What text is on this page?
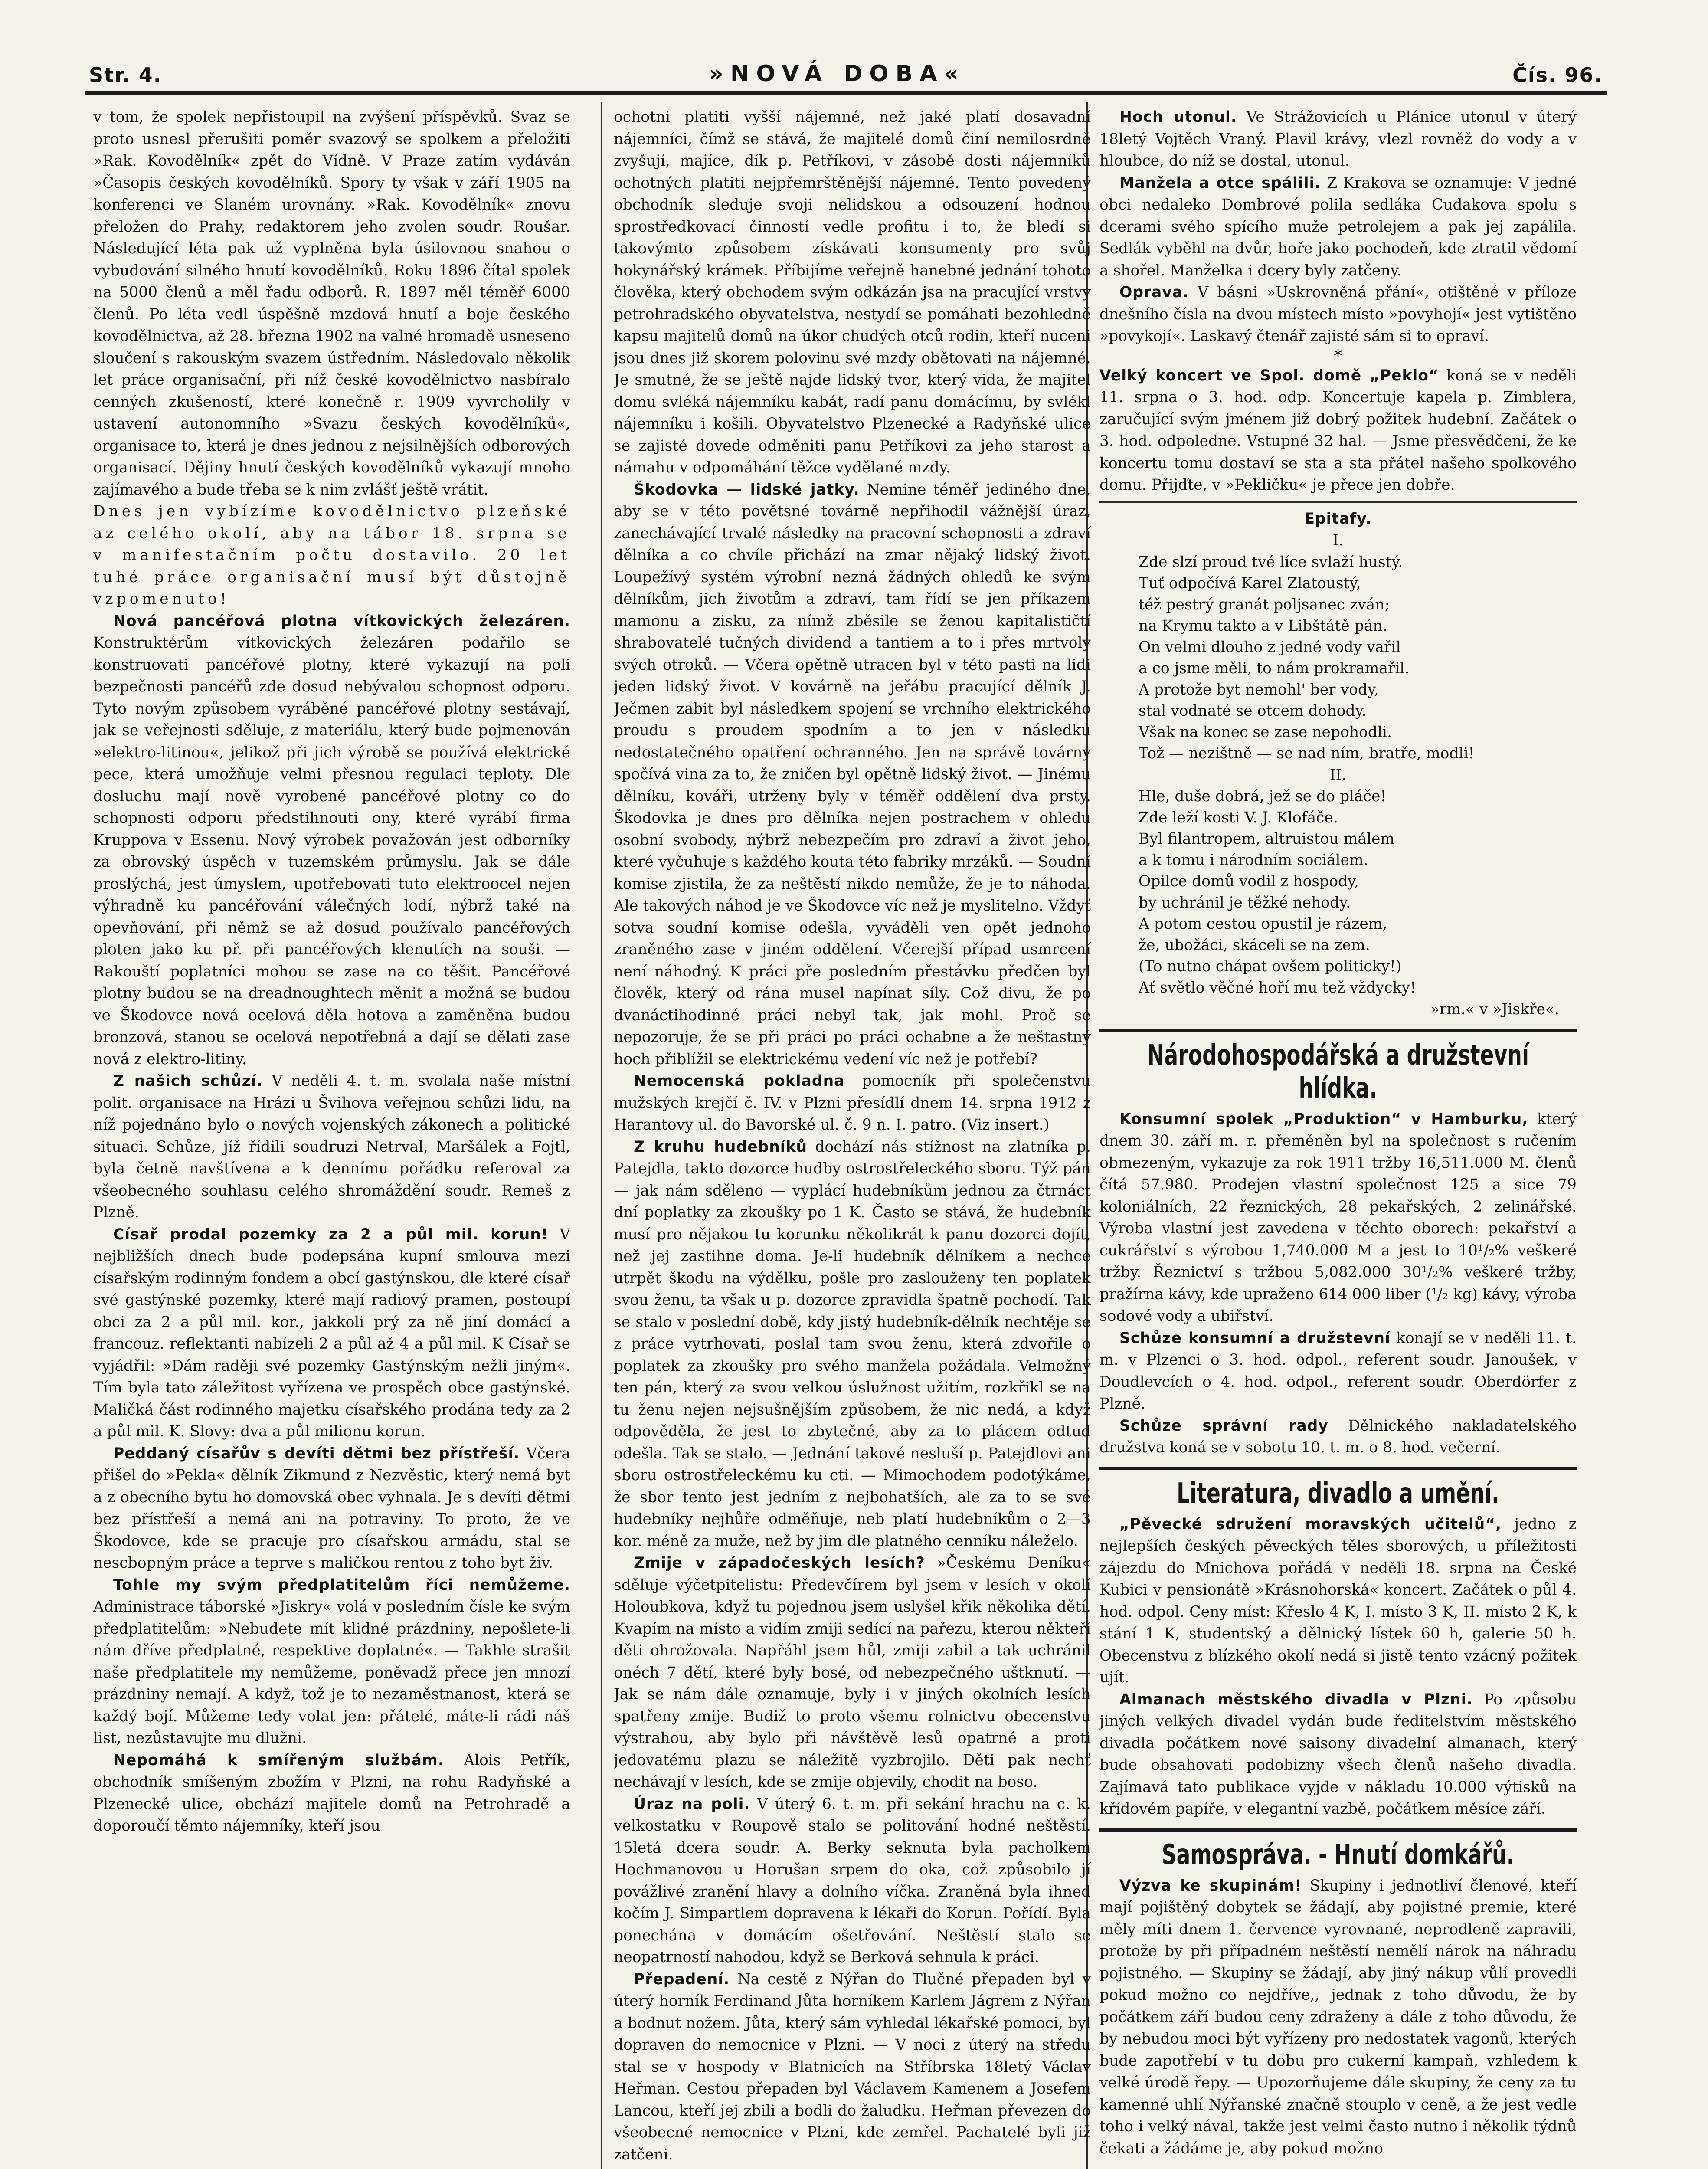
Str. 4.	»NOVÁ DOBA«	Čís. 96.

v tom, že spolek nepřistoupil na zvýšení příspěvků. Svaz se proto usnesl přerušiti poměr svazový se spolkem a přeložiti »Rak. Kovodělník« zpět do Vídně. V Praze zatím vydáván »Časopis českých kovodělníků. Spory ty však v září 1905 na konferenci ve Slaném urovnány. »Rak. Kovodělník« znovu přeložen do Prahy, redaktorem jeho zvolen soudr. Roušar. Následující léta pak už vyplněna byla úsilovnou snahou o vybudování silného hnutí kovodělníků. Roku 1896 čítal spolek na 5000 členů a měl řadu odborů. R. 1897 měl téměř 6000 členů. Po léta vedl úspěšně mzdová hnutí a boje českého kovodělnictva, až 28. března 1902 na valné hromadě usneseno sloučení s rakouským svazem ústředním. Následovalo několik let práce organisační, při níž české kovodělnictvo nasbíralo cenných zkušeností, které konečně r. 1909 vyvrcholily v ustavení autonomního »Svazu českých kovodělníků«, organisace to, která je dnes jednou z nejsilnějších odborových organisací. Dějiny hnutí českých kovodělníků vykazují mnoho zajímavého a bude třeba se k nim zvlášť ještě vrátit.

Dnes jen vybízíme kovodělnictvo plzeňské az celého okolí, aby na tábor 18. srpna se v manifestačním počtu dostavilo. 20 let tuhé práce organisační musí být důstojně vzpomenuto!

Nová pancéřová plotna vítkovických železáren. Konstruktérům vítkovických železáren podařilo se konstruovati pancéřové plotny, které vykazují na poli bezpečnosti pancéřů zde dosud nebývalou schopnost odporu. Tyto novým způsobem vyráběné pancéřové plotny sestávají, jak se veřejnosti sděluje, z materiálu, který bude pojmenován »elektro-litinou«, jelikož při jich výrobě se používá elektrické pece, která umožňuje velmi přesnou regulaci teploty. Dle dosluchu mají nově vyrobené pancéřové plotny co do schopnosti odporu předstihnouti ony, které vyrábí firma Kruppova v Essenu. Nový výrobek považován jest odborníky za obrovský úspěch v tuzemském průmyslu. Jak se dále proslýchá, jest úmyslem, upotřebovati tuto elektroocel nejen výhradně ku pancéřování válečných lodí, nýbrž také na opevňování, při němž se až dosud používalo pancéřových ploten jako ku př. při pancéřových klenutích na souši. — Rakouští poplatníci mohou se zase na co těšit. Pancéřové plotny budou se na dreadnoughtech měnit a možná se budou ve Škodovce nová ocelová děla hotova a zaměněna budou bronzová, stanou se ocelová nepotřebná a dají se dělati zase nová z elektro-litiny.

Z našich schůzí. V neděli 4. t. m. svolala naše místní polit. organisace na Hrázi u Švihova veřejnou schůzi lidu, na níž pojednáno bylo o nových vojenských zákonech a politické situaci. Schůze, jíž řídili soudruzi Netrval, Maršálek a Fojtl, byla četně navštívena a k dennímu pořádku referoval za všeobecného souhlasu celého shromáždění soudr. Remeš z Plzně.

Císař prodal pozemky za 2 a půl mil. korun! V nejbližších dnech bude podepsána kupní smlouva mezi císařským rodinným fondem a obcí gastýnskou, dle které císař své gastýnské pozemky, které mají radiový pramen, postoupí obci za 2 a půl mil. kor., jakkoli prý za ně jiní domácí a francouz. reflektanti nabízeli 2 a půl až 4 a půl mil. K Císař se vyjádřil: »Dám raději své pozemky Gastýnským nežli jiným«. Tím byla tato záležitost vyřízena ve prospěch obce gastýnské. Maličká část rodinného majetku císařského prodána tedy za 2 a půl mil. K. Slovy: dva a půl milionu korun.

Peddaný císařův s devíti dětmi bez přístřeší. Včera přišel do »Pekla« dělník Zikmund z Nezvěstic, který nemá byt a z obecního bytu ho domovská obec vyhnala. Je s devíti dětmi bez přístřeší a nemá ani na potraviny. To proto, že ve Škodovce, kde se pracuje pro císařskou armádu, stal se nescbopným práce a teprve s maličkou rentou z toho byt živ.

Tohle my svým předplatitelům říci nemůžeme. Administrace táborské »Jiskry« volá v posledním čísle ke svým předplatitelům: »Nebudete mít klidné prázdniny, nepošlete-li nám dříve předplatné, respektive doplatné«. — Takhle strašit naše předplatitele my nemůžeme, poněvadž přece jen mnozí prázdniny nemají. A když, tož je to nezaměstnanost, která se každý bojí. Můžeme tedy volat jen: přátelé, máte-li rádi náš list, nezůstavujte mu dlužni.

Nepomáhá k smířeným službám. Alois Petřík, obchodník smíšeným zbožím v Plzni, na rohu Radyňské a Plzenecké ulice, obchází majitele domů na Petrohradě a doporoučí těmto nájemníky, kteří jsou

ochotni platiti vyšší nájemné, než jaké platí dosavadní nájemníci, čímž se stává, že majitelé domů činí nemilosrdně zvyšují, majíce, dík p. Petříkovi, v zásobě dosti nájemníků ochotných platiti nejpřemrštěnější nájemné. Tento povedený obchodník sleduje svoji nelidskou a odsouzení hodnou sprostředkovací činností vedle profitu i to, že bledí si takovýmto způsobem získávati konsumenty pro svůj hokynářský krámek. Příbijíme veřejně hanebné jednání tohoto člověka, který obchodem svým odkázán jsa na pracující vrstvy petrohradského obyvatelstva, nestydí se pomáhati bezohledně kapsu majitelů domů na úkor chudých otců rodin, kteří nuceni jsou dnes již skorem polovinu své mzdy obětovati na nájemné. Je smutné, že se ještě najde lidský tvor, který vida, že majitel domu svléká nájemníku kabát, radí panu domácímu, by svlékl nájemníku i košili. Obyvatelstvo Plzenecké a Radyňské ulice se zajisté dovede odměniti panu Petříkovi za jeho starost a námahu v odpomáhání těžce vydělané mzdy.

Škodovka — lidské jatky. Nemine téměř jediného dne, aby se v této povětsné továrně nepřihodil vážnější úraz, zanechávající trvalé následky na pracovní schopnosti a zdraví dělníka a co chvíle přichází na zmar nějaký lidský život. Loupežívý systém výrobní nezná žádných ohledů ke svým dělníkům, jich životům a zdraví, tam řídí se jen příkazem mamonu a zisku, za nímž zběsile se ženou kapitalističtí shrabovatelé tučných dividend a tantiem a to i přes mrtvoly svých otroků. — Včera opětně utracen byl v této pasti na lidi jeden lidský život. V kovárně na jeřábu pracující dělník J. Ječmen zabit byl následkem spojení se vrchního elektrického proudu s proudem spodním a to jen v následku nedostatečného opatření ochranného. Jen na správě továrny spočívá vina za to, že zničen byl opětně lidský život. — Jinému dělníku, kováři, utrženy byly v téměř oddělení dva prsty. Škodovka je dnes pro dělníka nejen postrachem v ohledu osobní svobody, nýbrž nebezpečím pro zdraví a život jeho, které vyčuhuje s každého kouta této fabriky mrzáků. — Soudní komise zjistila, že za neštěstí nikdo nemůže, že je to náhoda. Ale takových náhod je ve Škodovce víc než je myslitelno. Vždyť sotva soudní komise odešla, vyváděli ven opět jednoho zraněného zase v jiném oddělení. Včerejší případ usmrcení není náhodný. K práci pře posledním přestávku předčen byl člověk, který od rána musel napínat síly. Což divu, že po dvanáctihodinné práci nebyl tak, jak mohl. Proč se nepozoruje, že se při práci po práci ochabne a že neštastný hoch přiblížil se elektrickému vedení víc než je potřebí?

Nemocenská pokladna pomocník při společenstvu mužských krejčí č. IV. v Plzni přesídlí dnem 14. srpna 1912 z Harantovy ul. do Bavorské ul. č. 9 n. I. patro. (Viz insert.)

Z kruhu hudebníků dochází nás stížnost na zlatníka p. Patejdla, takto dozorce hudby ostrostřeleckého sboru. Týž pán — jak nám sděleno — vyplácí hudebníkům jednou za čtrnáct dní poplatky za zkoušky po 1 K. Často se stává, že hudebník musí pro nějakou tu korunku několikrát k panu dozorci dojít, než jej zastihne doma. Je-li hudebník dělníkem a nechce utrpět škodu na výdělku, pošle pro zaslouženy ten poplatek svou ženu, ta však u p. dozorce zpravidla špatně pochodí. Tak se stalo v poslední době, kdy jistý hudebník-dělník nechtěje se z práce vytrhovati, poslal tam svou ženu, která zdvořile o poplatek za zkoušky pro svého manžela požádala. Velmožný ten pán, který za svou velkou úslužnost užitím, rozkřikl se na tu ženu nejen nejsušnějším způsobem, že nic nedá, a když odpověděla, že jest to zbytečné, aby za to plácem odtud odešla. Tak se stalo. — Jednání takové nesluší p. Patejdlovi ani sboru ostrostřeleckému ku cti. — Mimochodem podotýkáme, že sbor tento jest jedním z nejbohatších, ale za to se své hudebníky nejhůře odměňuje, neb platí hudebníkům o 2—3 kor. méně za muže, než by jim dle platného cenníku náleželo.

Zmije v západočeských lesích? »Českému Deníku« sděluje výčetpitelistu: Předevčírem byl jsem v lesích v okolí Holoubkova, když tu pojednou jsem uslyšel křik několika dětí. Kvapím na místo a vidím zmiji sedící na pařezu, kterou někteří děti ohrožovala. Napřáhl jsem hůl, zmiji zabil a tak uchránil onéch 7 dětí, které byly bosé, od nebezpečného uštknutí. — Jak se nám dále oznamuje, byly i v jiných okolních lesích spatřeny zmije. Budiž to proto všemu rolnictvu obecenstvu výstrahou, aby bylo při návštěvě lesů opatrné a proti jedovatému plazu se náležitě vyzbrojilo. Děti pak nechť nechávají v lesích, kde se zmije objevily, chodit na boso.

Úraz na poli. V úterý 6. t. m. při sekání hrachu na c. k. velkostatku v Roupově stalo se politování hodné neštěstí. 15letá dcera soudr. A. Berky seknuta byla pacholkem Hochmanovou u Horušan srpem do oka, což způsobilo jí povážlivé zranění hlavy a dolního víčka. Zraněná byla ihned kočím J. Simpartlem dopravena k lékaři do Korun. Pořídí. Byla ponechána v domácím ošetřování. Neštěstí stalo se neopatrností nahodou, když se Berková sehnula k práci.

Přepadení. Na cestě z Nýřan do Tlučné přepaden byl v úterý horník Ferdinand Jůta horníkem Karlem Jágrem z Nýřan a bodnut nožem. Jůta, který sám vyhledal lékařské pomoci, byl dopraven do nemocnice v Plzni. — V noci z úterý na středu stal se v hospody v Blatnicích na Stříbrska 18letý Václav Heřman. Cestou přepaden byl Václavem Kamenem a Josefem Lancou, kteří jej zbili a bodli do žaludku. Heřman převezen do všeobecné nemocnice v Plzni, kde zemřel. Pachatelé byli již zatčeni.

Hoch utonul. Ve Strážovicích u Plánice utonul v úterý 18letý Vojtěch Vraný. Plavil krávy, vlezl rovněž do vody a v hloubce, do níž se dostal, utonul.

Manžela a otce spálili. Z Krakova se oznamuje: V jedné obci nedaleko Dombrové polila sedláka Cudakova spolu s dcerami svého spícího muže petrolejem a pak jej zapálila. Sedlák vyběhl na dvůr, hoře jako pochodeň, kde ztratil vědomí a shořel. Manželka i dcery byly zatčeny.

Oprava. V básni »Uskrovněná přání«, otištěné v příloze dnešního čísla na dvou místech místo »povyhojí« jest vytištěno »povykojí«. Laskavý čtenář zajisté sám si to opraví.

*

Velký koncert ve Spol. domě „Peklo“ koná se v neděli 11. srpna o 3. hod. odp. Koncertuje kapela p. Zimblera, zaručující svým jménem již dobrý požitek hudební. Začátek o 3. hod. odpoledne. Vstupné 32 hal. — Jsme přesvědčeni, že ke koncertu tomu dostaví se sta a sta přátel našeho spolkového domu. Přijďte, v »Pekličku« je přece jen dobře.

Epitafy.

I.

Zde slzí proud tvé líce svlaží hustý.
Tuť odpočívá Karel Zlatoustý,
též pestrý granát poljsanec zván;
na Krymu takto a v Libštátě pán.
On velmi dlouho z jedné vody vařil
a co jsme měli, to nám prokramařil.
A protože byt nemohl' ber vody,
stal vodnaté se otcem dohody.
Však na konec se zase nepohodli.
Tož — nezištně — se nad ním, bratře, modli!

II.

Hle, duše dobrá, jež se do pláče!
Zde leží kosti V. J. Klofáče.
Byl filantropem, altruistou málem
a k tomu i národním sociálem.
Opilce domů vodil z hospody,
by uchránil je těžké nehody.
A potom cestou opustil je rázem,
že, ubožáci, skáceli se na zem.
(To nutno chápat ovšem politicky!)
Ať světlo věčné hoří mu tež vždycky!

»rm.« v »Jiskře«.

Národohospodářská a družstevní hlídka.

Konsumní spolek „Produktion“ v Hamburku, který dnem 30. září m. r. přeměněn byl na společnost s ručením obmezeným, vykazuje za rok 1911 tržby 16,511.000 M. členů čítá 57.980. Prodejen vlastní společnost 125 a sice 79 koloniálních, 22 řeznických, 28 pekařských, 2 zelinářské. Výroba vlastní jest zavedena v těchto oborech: pekařství a cukrářství s výrobou 1,740.000 M a jest to 10¹/₂% veškeré tržby. Řeznictví s tržbou 5,082.000 30¹/₂% veškeré tržby, pražírna kávy, kde upraženo 614 000 liber (¹/₂ kg) kávy, výroba sodové vody a ubiřství.

Schůze konsumní a družstevní konají se v neděli 11. t. m. v Plzenci o 3. hod. odpol., referent soudr. Janoušek, v Doudlevcích o 4. hod. odpol., referent soudr. Oberdörfer z Plzně.

Schůze správní rady Dělnického nakladatelského družstva koná se v sobotu 10. t. m. o 8. hod. večerní.

Literatura, divadlo a umění.

„Pěvecké sdružení moravských učitelů“, jedno z nejlepších českých pěveckých těles sborových, u příležitosti zájezdu do Mnichova pořádá v neděli 18. srpna na České Kubici v pensionátě »Krásnohorská« koncert. Začátek o půl 4. hod. odpol. Ceny míst: Křeslo 4 K, I. místo 3 K, II. místo 2 K, k stání 1 K, studentský a dělnický lístek 60 h, galerie 50 h. Obecenstvu z blízkého okolí nedá si jistě tento vzácný požitek ujít.

Almanach městského divadla v Plzni. Po způsobu jiných velkých divadel vydán bude ředitelstvím městského divadla počátkem nové saisony divadelní almanach, který bude obsahovati podobizny všech členů našeho divadla. Zajímavá tato publikace vyjde v nákladu 10.000 výtisků na křídovém papíře, v elegantní vazbě, počátkem měsíce září.

Samospráva. - Hnutí domkářů.

Výzva ke skupinám! Skupiny i jednotliví členové, kteří mají pojištěný dobytek se žádají, aby pojistné premie, které měly míti dnem 1. července vyrovnané, neprodleně zapravili, protože by při případném neštěstí nemělí nárok na náhradu pojistného. — Skupiny se žádají, aby jiný nákup vůlí provedli pokud možno co nejdříve,, jednak z toho důvodu, že by počátkem září budou ceny zdraženy a dále z toho důvodu, že by nebudou moci být vyřízeny pro nedostatek vagonů, kterých bude zapotřebí v tu dobu pro cukerní kampaň, vzhledem k velké úrodě řepy. — Upozorňujeme dále skupiny, že ceny za tu kamenné uhlí Nýřanské značně stouplo v ceně, a že jest vedle toho i velký nával, takže jest velmi často nutno i několik týdnů čekati a žádáme je, aby pokud možno
